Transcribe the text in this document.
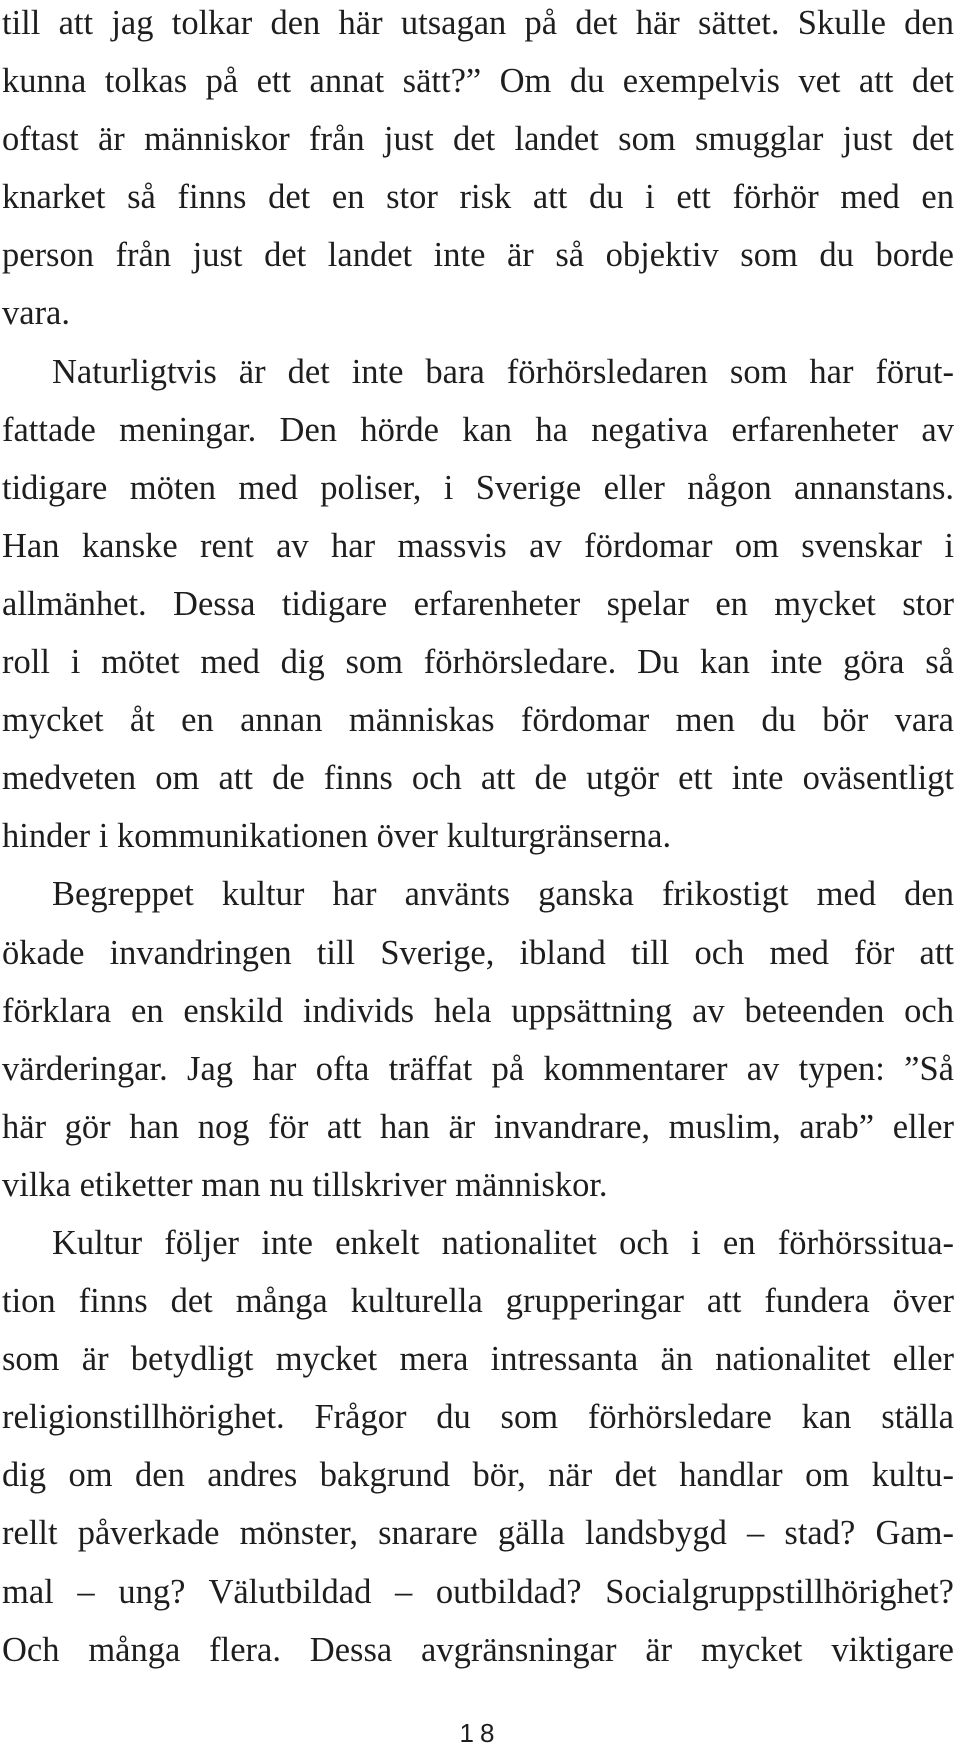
till att jag tolkar den här utsagan på det här sättet. Skulle den
kunna tolkas på ett annat sätt?” Om du exempelvis vet att det
oftast är människor från just det landet som smugglar just det
knarket så finns det en stor risk att du i ett förhör med en
person från just det landet inte är så objektiv som du borde
vara.
Naturligtvis är det inte bara förhörsledaren som har förut-
fattade meningar. Den hörde kan ha negativa erfarenheter av
tidigare möten med poliser, i Sverige eller någon annanstans.
Han kanske rent av har massvis av fördomar om svenskar i
allmänhet. Dessa tidigare erfarenheter spelar en mycket stor
roll i mötet med dig som förhörsledare. Du kan inte göra så
mycket åt en annan människas fördomar men du bör vara
medveten om att de finns och att de utgör ett inte oväsentligt
hinder i kommunikationen över kulturgränserna.
Begreppet kultur har använts ganska frikostigt med den
ökade invandringen till Sverige, ibland till och med för att
förklara en enskild individs hela uppsättning av beteenden och
värderingar. Jag har ofta träffat på kommentarer av typen: ”Så
här gör han nog för att han är invandrare, muslim, arab” eller
vilka etiketter man nu tillskriver människor.
Kultur följer inte enkelt nationalitet och i en förhörssitua-
tion finns det många kulturella grupperingar att fundera över
som är betydligt mycket mera intressanta än nationalitet eller
religionstillhörighet. Frågor du som förhörsledare kan ställa
dig om den andres bakgrund bör, när det handlar om kultu-
rellt påverkade mönster, snarare gälla landsbygd – stad? Gam-
mal – ung? Välutbildad – outbildad? Socialgruppstillhörighet?
Och många flera. Dessa avgränsningar är mycket viktigare
18
